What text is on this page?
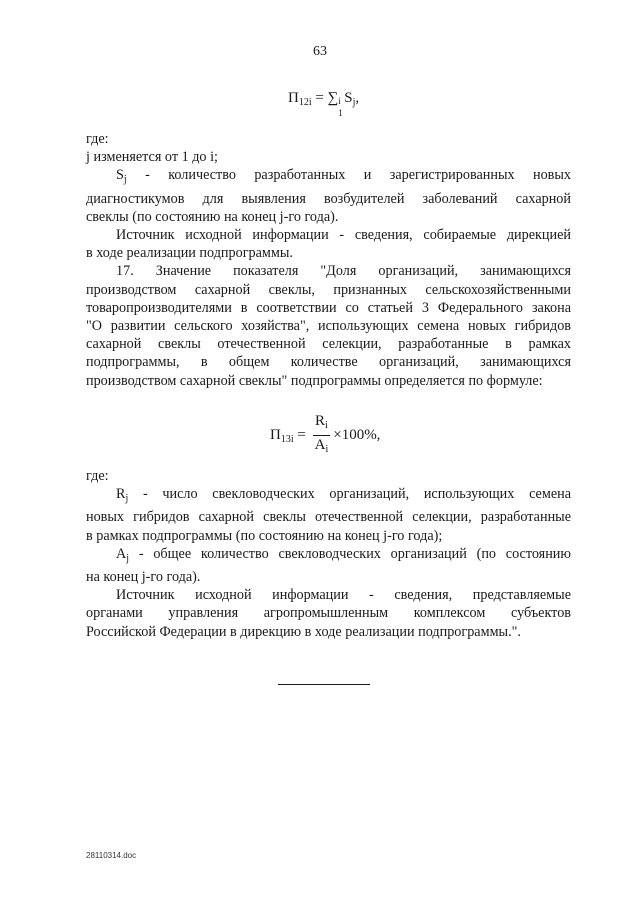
63
$П_{12i}$ = ∑ i
1
$S_j$,

где:

j изменяется от 1 до i;

$S_j$ - количество разработанных и зарегистрированных новых

диагностикумов для выявления возбудителей заболеваний сахарной

свеклы (по состоянию на конец j-го года).

Источник исходной информации - сведения, собираемые дирекцией

в ходе реализации подпрограммы.

17. Значение показателя "Доля организаций, занимающихся

производством сахарной свеклы, признанных сельскохозяйственными

товаропроизводителями в соответствии со статьей 3 Федерального закона

"О развитии сельского хозяйства", использующих семена новых гибридов

сахарной свеклы отечественной селекции, разработанные в рамках

подпрограммы, в общем количестве организаций, занимающихся

производством сахарной свеклы" подпрограммы определяется по формуле:

$П_{13i} = \frac{R_i}{A_i} \times 100\%$,

где:

$R_j$ - число свекловодческих организаций, использующих семена

новых гибридов сахарной свеклы отечественной селекции, разработанные

в рамках подпрограммы (по состоянию на конец j-го года);

$A_j$ - общее количество свекловодческих организаций (по состоянию

на конец j-го года).

Источник исходной информации - сведения, представляемые

органами управления агропромышленным комплексом субъектов

Российской Федерации в дирекцию в ходе реализации подпрограммы.".

28110314.doc
